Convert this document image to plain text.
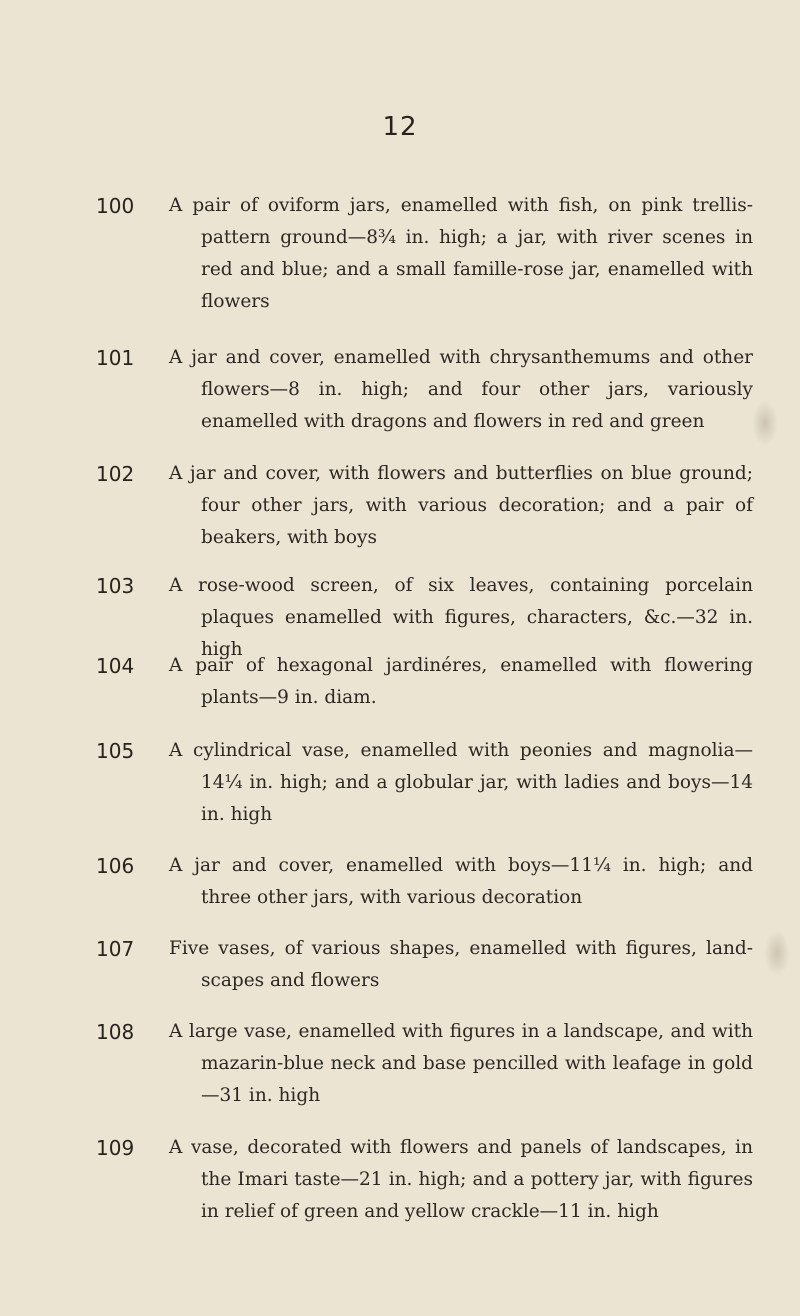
12
100	A pair of oviform jars, enamelled with fish, on pink trellis-pattern ground—8¾ in. high; a jar, with river scenes in red and blue; and a small famille-rose jar, enamelled with flowers
101	A jar and cover, enamelled with chrysanthemums and other flowers—8 in. high; and four other jars, variously enamelled with dragons and flowers in red and green
102	A jar and cover, with flowers and butterflies on blue ground; four other jars, with various decoration; and a pair of beakers, with boys
103	A rose-wood screen, of six leaves, containing porcelain plaques enamelled with figures, characters, &c.—32 in. high
104	A pair of hexagonal jardinéres, enamelled with flowering plants—9 in. diam.
105	A cylindrical vase, enamelled with peonies and magnolia—14¼ in. high; and a globular jar, with ladies and boys—14 in. high
106	A jar and cover, enamelled with boys—11¼ in. high; and three other jars, with various decoration
107	Five vases, of various shapes, enamelled with figures, land-scapes and flowers
108	A large vase, enamelled with figures in a landscape, and with mazarin-blue neck and base pencilled with leafage in gold —31 in. high
109	A vase, decorated with flowers and panels of landscapes, in the Imari taste—21 in. high; and a pottery jar, with figures in relief of green and yellow crackle—11 in. high
